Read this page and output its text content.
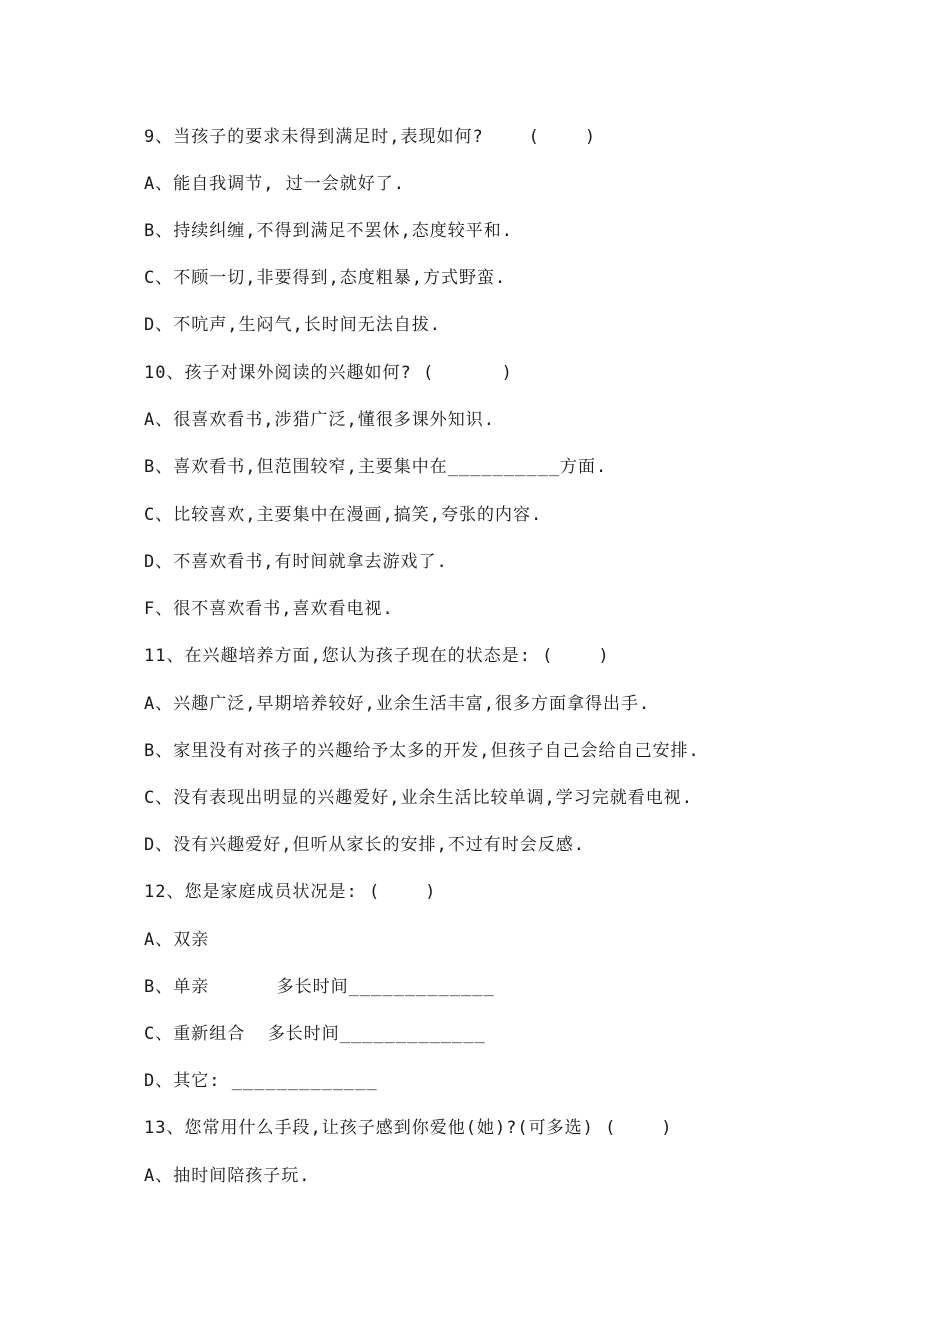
9、当孩子的要求未得到满足时,表现如何?    (    )
A、能自我调节, 过一会就好了.
B、持续纠缠,不得到满足不罢休,态度较平和.
C、不顾一切,非要得到,态度粗暴,方式野蛮.
D、不吭声,生闷气,长时间无法自拔.
10、孩子对课外阅读的兴趣如何? (      )
A、很喜欢看书,涉猎广泛,懂很多课外知识.
B、喜欢看书,但范围较窄,主要集中在__________方面.
C、比较喜欢,主要集中在漫画,搞笑,夸张的内容.
D、不喜欢看书,有时间就拿去游戏了.
F、很不喜欢看书,喜欢看电视.
11、在兴趣培养方面,您认为孩子现在的状态是: (    )
A、兴趣广泛,早期培养较好,业余生活丰富,很多方面拿得出手.
B、家里没有对孩子的兴趣给予太多的开发,但孩子自己会给自己安排.
C、没有表现出明显的兴趣爱好,业余生活比较单调,学习完就看电视.
D、没有兴趣爱好,但听从家长的安排,不过有时会反感.
12、您是家庭成员状况是: (    )
A、双亲
B、单亲      多长时间_____________
C、重新组合  多长时间_____________
D、其它: _____________
13、您常用什么手段,让孩子感到你爱他(她)?(可多选) (    )
A、抽时间陪孩子玩.
